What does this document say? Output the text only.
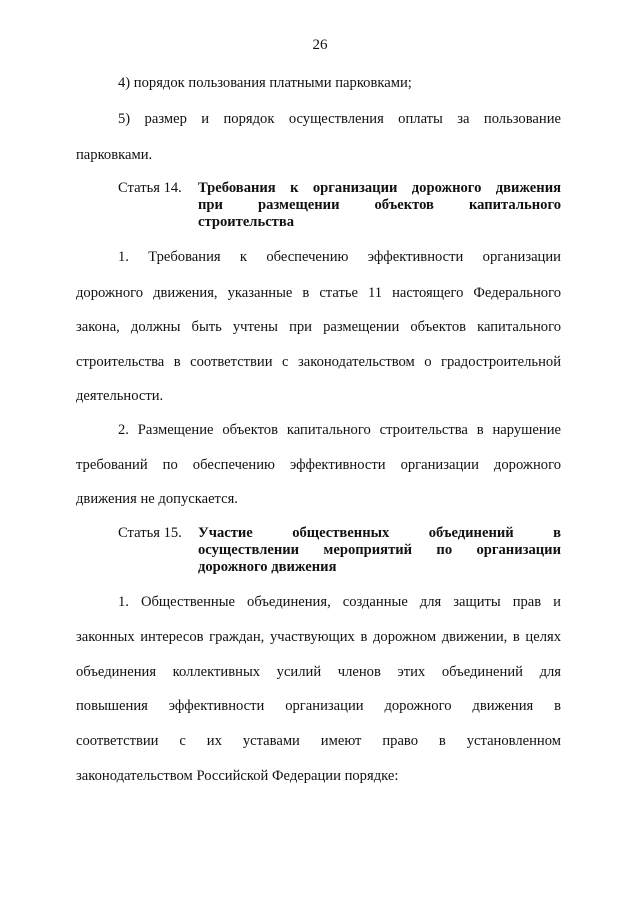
26
4) порядок пользования платными парковками;
5) размер и порядок осуществления оплаты за пользование
парковками.
Статья 14. Требования к организации дорожного движения
при размещении объектов капитального
строительства
1. Требования к обеспечению эффективности организации
дорожного движения, указанные в статье 11 настоящего Федерального
закона, должны быть учтены при размещении объектов капитального
строительства в соответствии с законодательством о градостроительной
деятельности.
2. Размещение объектов капитального строительства в нарушение
требований по обеспечению эффективности организации дорожного
движения не допускается.
Статья 15. Участие общественных объединений в
осуществлении мероприятий по организации
дорожного движения
1. Общественные объединения, созданные для защиты прав и
законных интересов граждан, участвующих в дорожном движении, в целях
объединения коллективных усилий членов этих объединений для
повышения эффективности организации дорожного движения в
соответствии с их уставами имеют право в установленном
законодательством Российской Федерации порядке:
